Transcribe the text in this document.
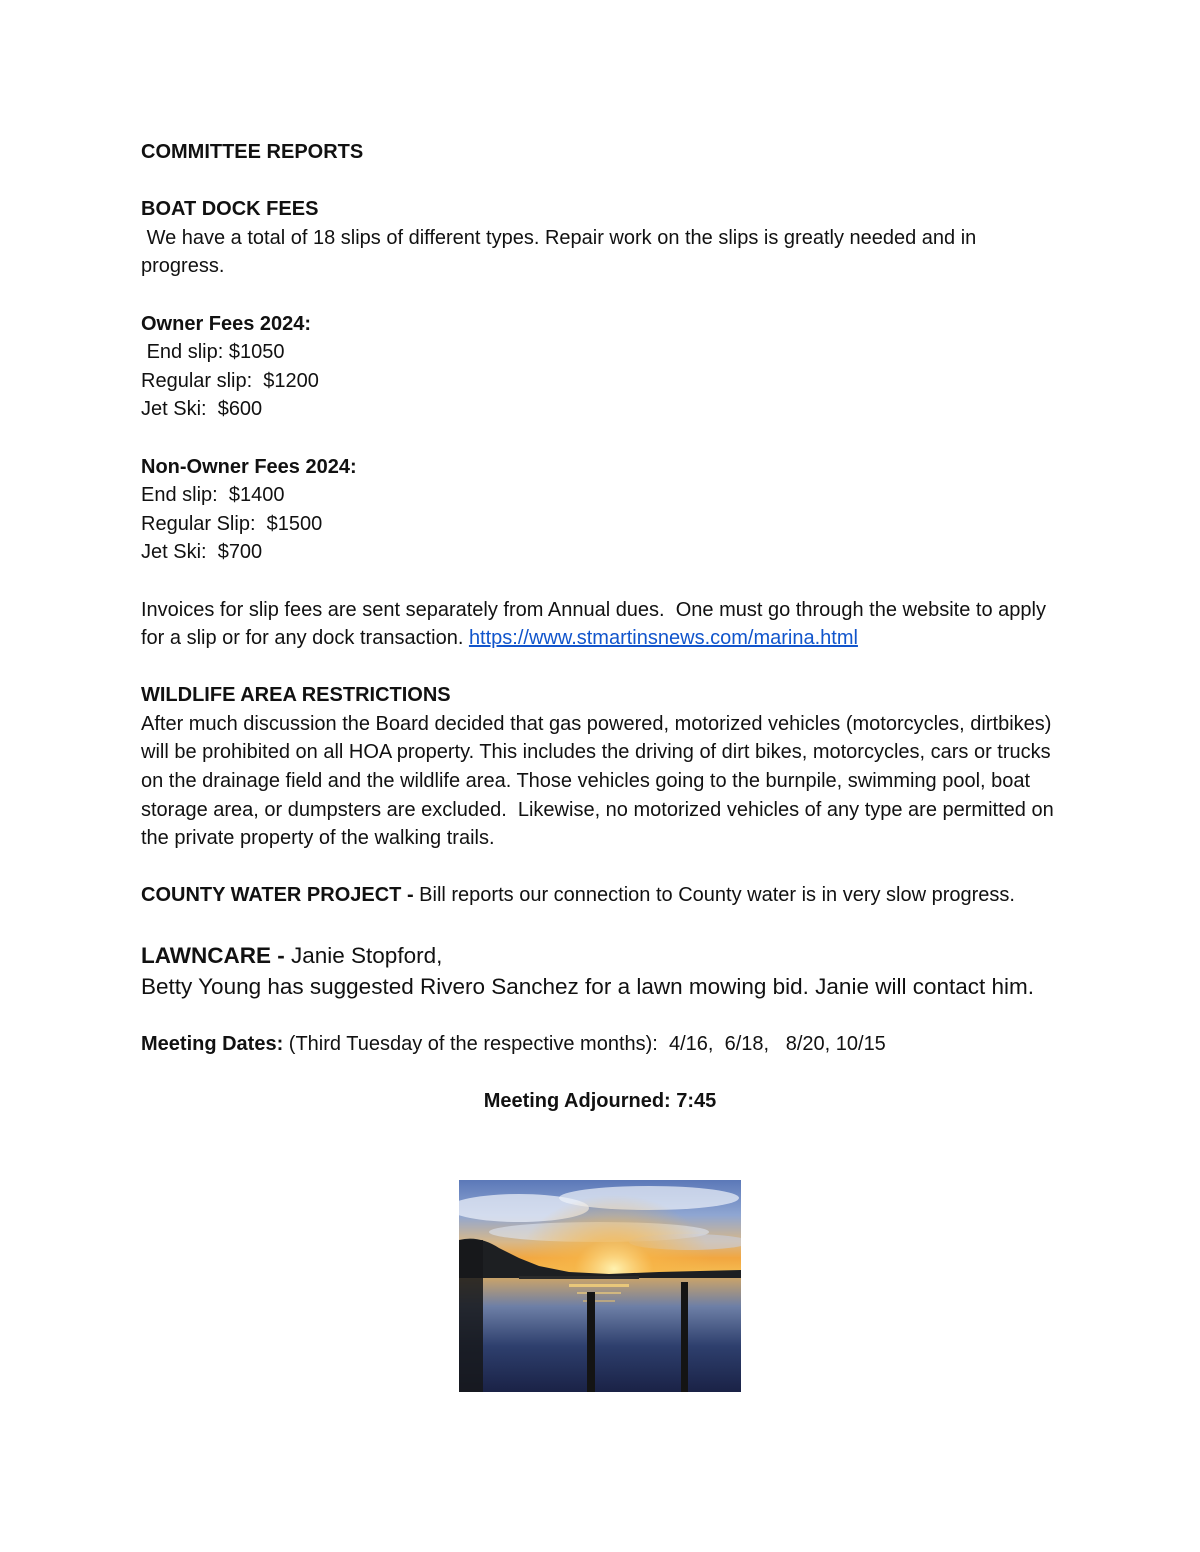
COMMITTEE REPORTS
BOAT DOCK FEES
We have a total of 18 slips of different types. Repair work on the slips is greatly needed and in progress.
Owner Fees 2024:
End slip: $1050
Regular slip:  $1200
Jet Ski:  $600
Non-Owner Fees 2024:
End slip:  $1400
Regular Slip:  $1500
Jet Ski:  $700
Invoices for slip fees are sent separately from Annual dues.  One must go through the website to apply for a slip or for any dock transaction. https://www.stmartinsnews.com/marina.html
WILDLIFE AREA RESTRICTIONS
After much discussion the Board decided that gas powered, motorized vehicles (motorcycles, dirtbikes) will be prohibited on all HOA property. This includes the driving of dirt bikes, motorcycles, cars or trucks on the drainage field and the wildlife area. Those vehicles going to the burnpile, swimming pool, boat storage area, or dumpsters are excluded.  Likewise, no motorized vehicles of any type are permitted on the private property of the walking trails.
COUNTY WATER PROJECT - Bill reports our connection to County water is in very slow progress.
LAWNCARE - Janie Stopford,
Betty Young has suggested Rivero Sanchez for a lawn mowing bid. Janie will contact him.
Meeting Dates: (Third Tuesday of the respective months):  4/16,  6/18,   8/20, 10/15
Meeting Adjourned: 7:45
